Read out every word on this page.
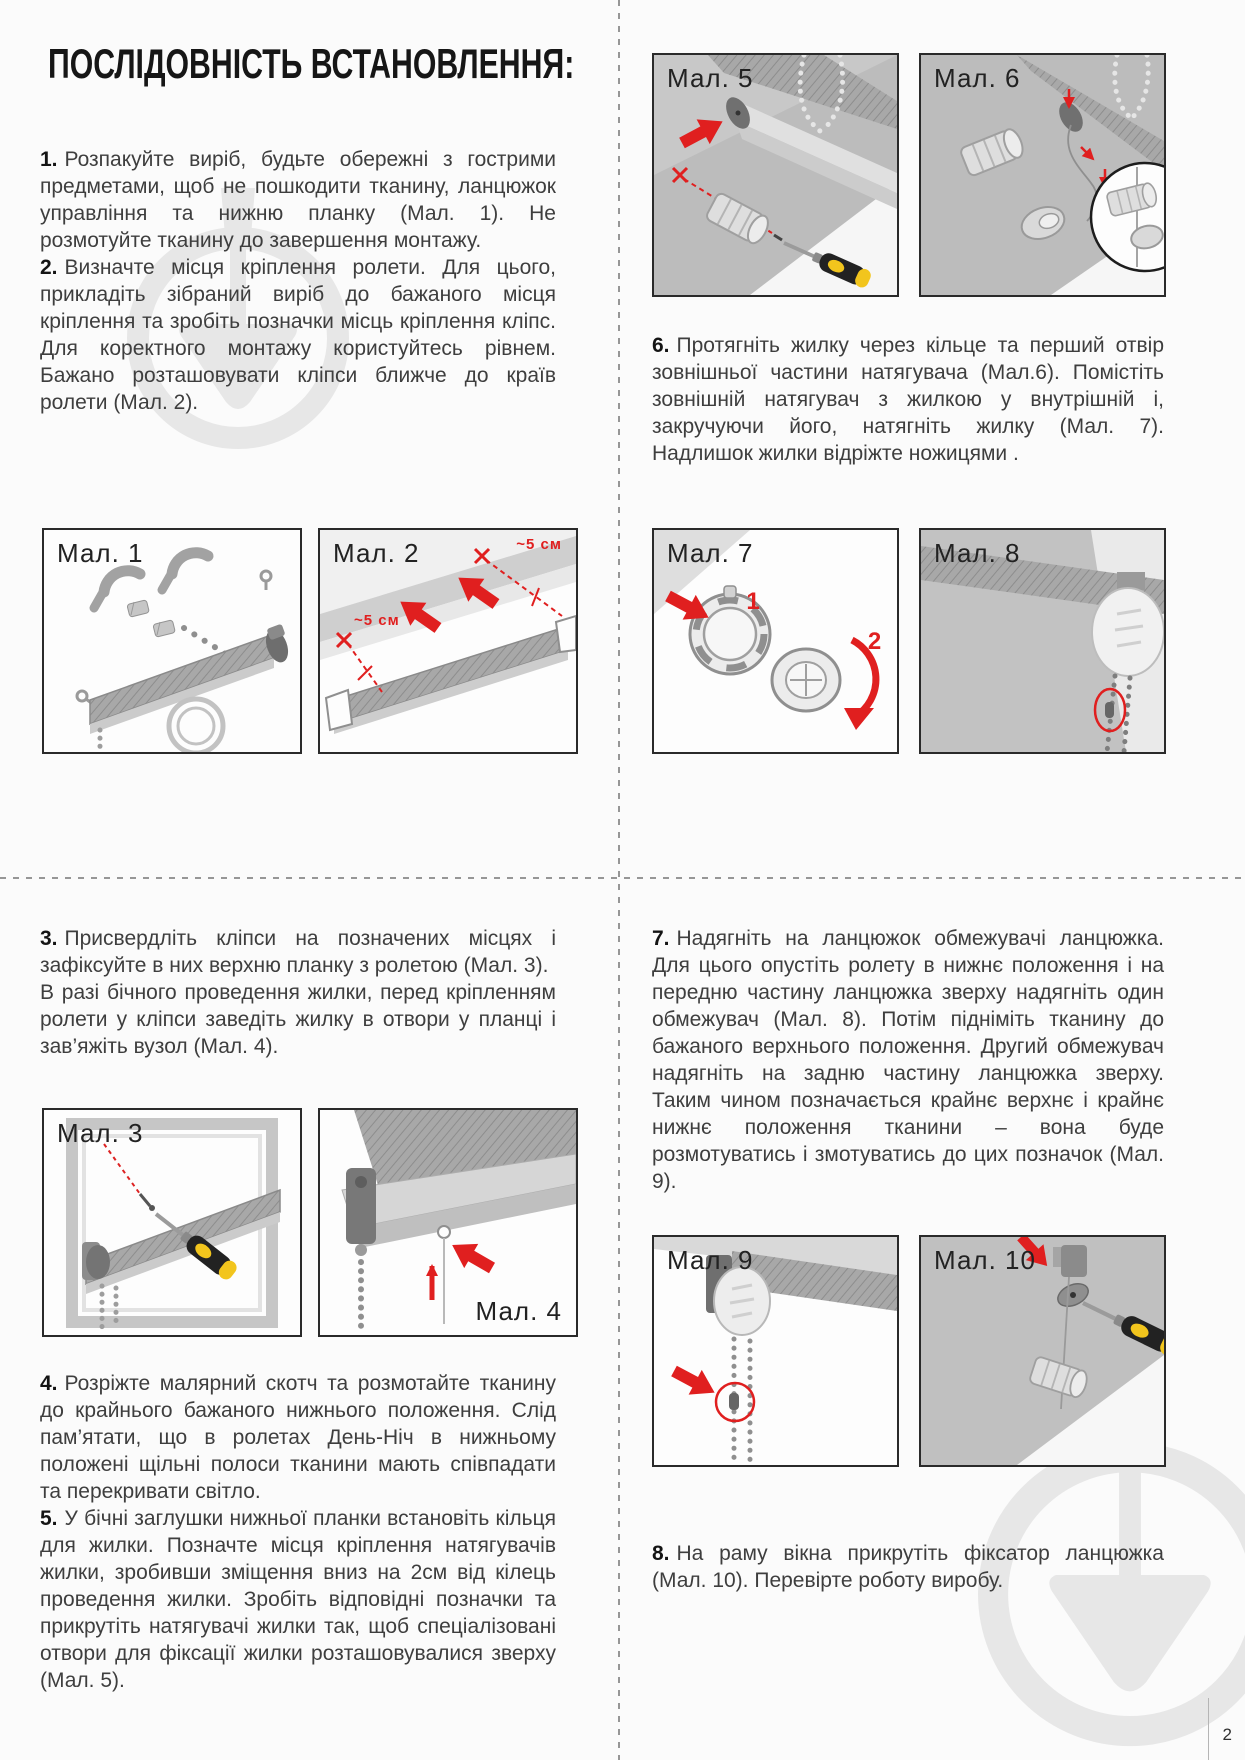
ПОСЛІДОВНІСТЬ ВСТАНОВЛЕННЯ:

1. Розпакуйте виріб, будьте обережні з гострими предметами, щоб не пошкодити тканину, ланцюжок управління та нижню планку (Мал. 1). Не розмотуйте тканину до завершення монтажу.

2. Визначте місця кріплення ролети. Для цього, прикладіть зібраний виріб до бажаного місця кріплення та зробіть позначки місць кріплення кліпс. Для коректного монтажу користуйтесь рівнем. Бажано розташовувати кліпси ближче до країв ролети (Мал. 2).

6. Протягніть жилку через кільце та перший отвір зовнішньої частини натягувача (Мал.6). Помістіть зовнішній натягувач з жилкою у внутрішній і, закручуючи його, натягніть жилку (Мал. 7). Надлишок жилки відріжте ножицями .

3. Присвердліть кліпси на позначених місцях і зафіксуйте в них верхню планку з ролетою (Мал. 3).
В разі бічного проведення жилки, перед кріпленням ролети у кліпси заведіть жилку в отвори у планці і зав’яжіть вузол (Мал. 4).

4. Розріжте малярний скотч та розмотайте тканину до крайнього бажаного нижнього положення. Слід пам’ятати, що в ролетах День-Ніч в нижньому положені щільні полоси тканини мають співпадати та перекривати світло.

5. У бічні заглушки нижньої планки встановіть кільця для жилки. Позначте місця кріплення натягувачів жилки, зробивши зміщення вниз на 2см від кілець проведення жилки. Зробіть відповідні позначки та прикрутіть натягувачі жилки так, щоб спеціалізовані отвори для фіксації жилки розташовувалися зверху (Мал. 5).

7. Надягніть на ланцюжок обмежувачі ланцюжка. Для цього опустіть ролету в нижнє положення і на передню частину ланцюжка зверху надягніть один обмежувач (Мал. 8). Потім підніміть тканину до бажаного верхнього положення. Другий обмежувач надягніть на задню частину ланцюжка зверху. Таким чином позначається крайнє верхнє і крайнє нижнє положення тканини – вона буде розмотуватись і змотуватись до цих позначок (Мал. 9).

8. На раму вікна прикрутіть фіксатор ланцюжка (Мал. 10). Перевірте роботу виробу.

Мал. 1	~5 см
~5 см
Мал. 2
Мал. 3
Мал. 4
Мал. 5	Мал. 6
1
2
Мал. 7	Мал. 8
Мал. 9	Мал. 10
2
